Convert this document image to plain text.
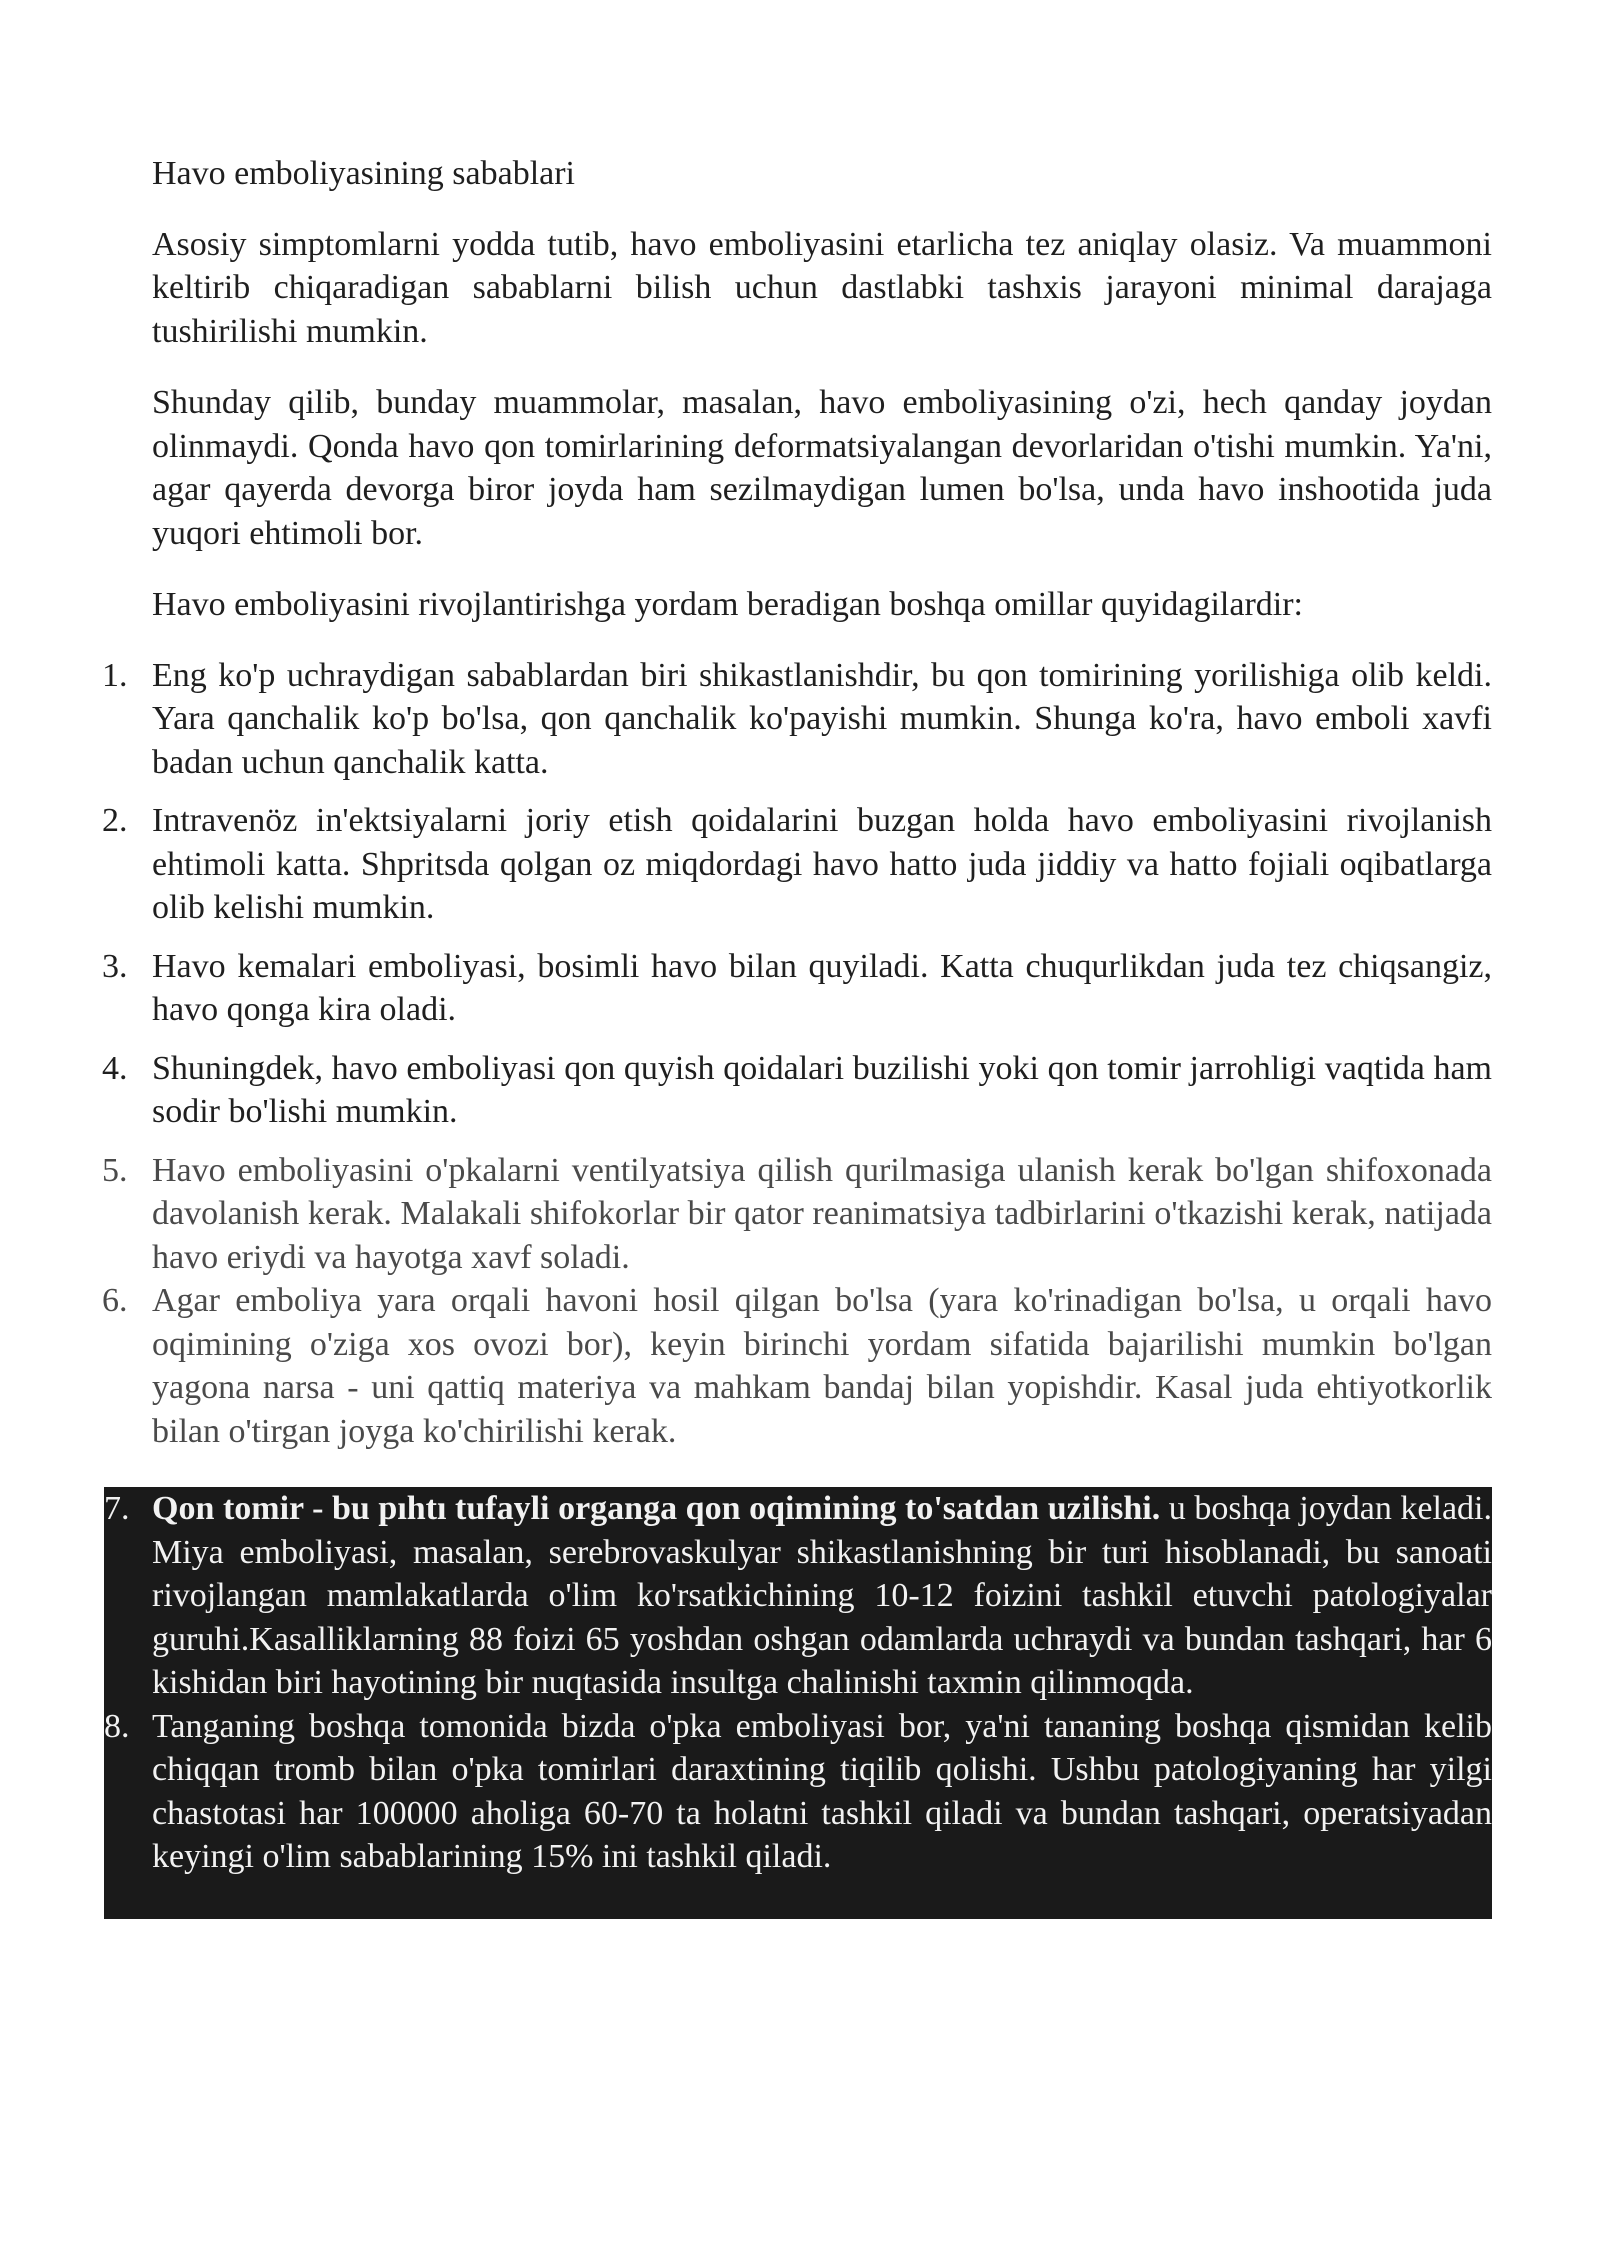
Havo emboliyasining sabablari

Asosiy simptomlarni yodda tutib, havo emboliyasini etarlicha tez aniqlay olasiz. Va muammoni keltirib chiqaradigan sabablarni bilish uchun dastlabki tashxis jarayoni minimal darajaga tushirilishi mumkin.

Shunday qilib, bunday muammolar, masalan, havo emboliyasining o'zi, hech qanday joydan olinmaydi. Qonda havo qon tomirlarining deformatsiyalangan devorlaridan o'tishi mumkin. Ya'ni, agar qayerda devorga biror joyda ham sezilmaydigan lumen bo'lsa, unda havo inshootida juda yuqori ehtimoli bor.

Havo emboliyasini rivojlantirishga yordam beradigan boshqa omillar quyidagilardir:

1. Eng ko'p uchraydigan sabablardan biri shikastlanishdir, bu qon tomirining yorilishiga olib keldi. Yara qanchalik ko'p bo'lsa, qon qanchalik ko'payishi mumkin. Shunga ko'ra, havo emboli xavfi badan uchun qanchalik katta.
2. Intravenöz in'ektsiyalarni joriy etish qoidalarini buzgan holda havo emboliyasini rivojlanish ehtimoli katta. Shpritsda qolgan oz miqdordagi havo hatto juda jiddiy va hatto fojiali oqibatlarga olib kelishi mumkin.
3. Havo kemalari emboliyasi, bosimli havo bilan quyiladi. Katta chuqurlikdan juda tez chiqsangiz, havo qonga kira oladi.
4. Shuningdek, havo emboliyasi qon quyish qoidalari buzilishi yoki qon tomir jarrohligi vaqtida ham sodir bo'lishi mumkin.
5. Havo emboliyasini o'pkalarni ventilyatsiya qilish qurilmasiga ulanish kerak bo'lgan shifoxonada davolanish kerak. Malakali shifokorlar bir qator reanimatsiya tadbirlarini o'tkazishi kerak, natijada havo eriydi va hayotga xavf soladi.
6. Agar emboliya yara orqali havoni hosil qilgan bo'lsa (yara ko'rinadigan bo'lsa, u orqali havo oqimining o'ziga xos ovozi bor), keyin birinchi yordam sifatida bajarilishi mumkin bo'lgan yagona narsa - uni qattiq materiya va mahkam bandaj bilan yopishdir. Kasal juda ehtiyotkorlik bilan o'tirgan joyga ko'chirilishi kerak.
7. Qon tomir - bu pıhtı tufayli organga qon oqimining to'satdan uzilishi. u boshqa joydan keladi. Miya emboliyasi, masalan, serebrovaskulyar shikastlanishning bir turi hisoblanadi, bu sanoati rivojlangan mamlakatlarda o'lim ko'rsatkichining 10-12 foizini tashkil etuvchi patologiyalar guruhi.Kasalliklarning 88 foizi 65 yoshdan oshgan odamlarda uchraydi va bundan tashqari, har 6 kishidan biri hayotining bir nuqtasida insultga chalinishi taxmin qilinmoqda.
8. Tanganing boshqa tomonida bizda o'pka emboliyasi bor, ya'ni tananing boshqa qismidan kelib chiqqan tromb bilan o'pka tomirlari daraxtining tiqilib qolishi. Ushbu patologiyaning har yilgi chastotasi har 100000 aholiga 60-70 ta holatni tashkil qiladi va bundan tashqari, operatsiyadan keyingi o'lim sabablarining 15% ini tashkil qiladi.
